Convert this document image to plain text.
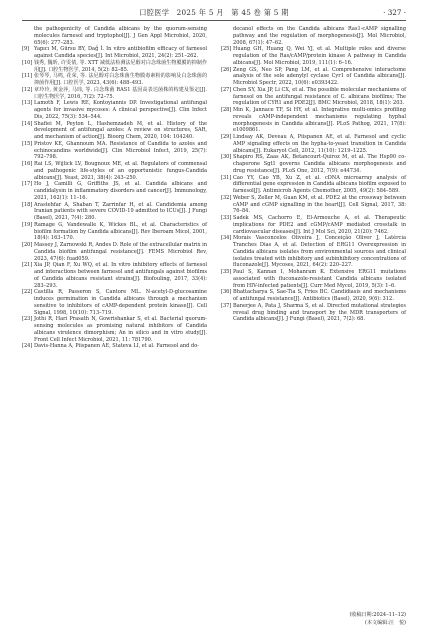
口腔医学　2025 年 5 月　第 45 卷 第 5 期	· 327 ·
the pathogenicity of Candida albicans by the quorum-sensing molecules farnesol and tryptophol[J]. J Gen Appl Microbiol, 2020, 65(6): 277–283.
[9] Yapıcı M, Gürsu BY, Dağ İ. In vitro antibiofilm efficacy of farnesol against Candida species[J]. Int Microbiol, 2021, 24(2): 251–262.
[10] 钱秀, 魏昕, 许雯倩, 等. XTT 减低法检测法尼醇对白念珠菌生物膜膜的抑制作用[J]. 口腔生物医学, 2014, 5(2): 82–85.
[11] 张琴琴, 马鸣, 花荣, 等. 法尼醇对白念珠菌生物膜毒素粉的影响及白念珠菌的抑菌作用[J]. 口腔医学, 2023, 43(6): 488–493.
[12] 章玲玲, 黄金萍, 马玮, 等. 白念珠菌 RAS1 基因高表达菌株的构建及鉴定[J]. 口腔生物医学, 2016, 7(2): 72–75.
[13] Lamoth F, Lewis RE, Kontoyiannis DP. Investigational antifungal agents for invasive mycoses: A clinical perspective[J]. Clin Infect Dis, 2022, 75(3): 534–544.
[14] Shafiei M, Peyton L, Hashemzadeh M, et al. History of the development of antifungal azoles: A review on structures, SAR, and mechanism of action[J]. Bioorg Chem, 2020, 104: 104240.
[15] Pristov KE, Ghannoum MA. Resistance of Candida to azoles and echinocandins worldwide[J]. Clin Microbiol Infect, 2019, 25(7): 792–798.
[16] Rai LS, Wijlick LV, Bougnoux ME, et al. Regulators of commensal and pathogenic life-styles of an opportunistic fungus-Candida albicans[J]. Yeast, 2021, 38(4): 243–250.
[17] Ho J, Camilli G, Griffiths JS, et al. Candida albicans and candidalysin in inflammatory disorders and cancer[J]. Immunology, 2021, 162(1): 11–16.
[18] Arastehfar A, Shaban T, Zarrinfar H, et al. Candidemia among Iranian patients with severe COVID-19 admitted to ICUs[J]. J Fungi (Basel), 2021, 7(4): 280.
[19] Ramage G, Vandewalle K, Wickes BL, et al. Characteristics of biofilm formation by Candida albicans[J]. Rev Iberoam Micol, 2001, 18(4): 163–170.
[20] Massey J, Zarnowski R, Andes D. Role of the extracellular matrix in Candida biofilm antifungal resistance[J]. FEMS Microbiol Rev, 2023, 47(6): fuad059.
[21] Xia JP, Qian F, Xu WQ, et al. In vitro inhibitory effects of farnesol and interactions between farnesol and antifungals against biofilms of Candida albicans resistant strains[J]. Biofouling, 2017, 33(4): 283–293.
[22] Castilla R, Passeron S, Cantore ML. N-acetyl-D-glucosamine induces germination in Candida albicans through a mechanism sensitive to inhibitors of cAMP-dependent protein kinase[J]. Cell Signal, 1998, 10(10): 713–719.
[23] Jothi R, Hari Prasath N, Gowrishankar S, et al. Bacterial quorum-sensing molecules as promising natural inhibitors of Candida albicans virulence dimorphism; An in silico and in vitro study[J]. Front Cell Infect Microbiol, 2021, 11: 781790.
[24] Davis-Hanna A, Piispanen AE, Stateva LI, et al. Farnesol and do-
decanol effects on the Candida albicans Ras1-cAMP signalling pathway and the regulation of morphogenesis[J]. Mol Microbiol, 2008, 67(1): 47–62.
[25] Huang GH, Huang Q, Wei YJ, et al. Multiple roles and diverse regulation of the Ras/cAMP/protein kinase A pathway in Candida albicans[J]. Mol Microbiol, 2019, 111(1): 6–16.
[26] Zeng GS, Neo SP, Pang LM, et al. Comprehensive interactome analysis of the sole adenylyl cyclase Cyr1 of Candida albicans[J]. Microbiol Spectr, 2022, 10(6): e0393422.
[27] Chen SY, Xia JP, Li CX, et al. The possible molecular mechanisms of farnesol on the antifungal resistance of C. albicans biofilms; The regulation of CYR1 and PDE2[J]. BMC Microbiol, 2018, 18(1): 203.
[28] Min K, Jannace TF, Si HY, et al. Integrative multi-omics profiling reveals cAMP-independent mechanisms regulating hyphal morphogenesis in Candida albicans[J]. PLoS Pathog, 2021, 17(8): e1009861.
[29] Lindsay AK, Deveau A, Piispanen AE, et al. Farnesol and cyclic AMP signaling effects on the hypha-to-yeast transition in Candida albicans[J]. Eukaryot Cell, 2012, 11(10): 1219–1225.
[30] Shapiro RS, Zaas AK, Betancourt-Quiroz M, et al. The Hsp90 co-chaperone Sgt1 governs Candida albicans morphogenesis and drug resistance[J]. PLoS One, 2012, 7(9): e44734.
[31] Cao YY, Cao YB, Xu Z, et al. cDNA microarray analysis of differential gene expression in Candida albicans biofilm exposed to farnesol[J]. Antimicrob Agents Chemother, 2005, 49(2): 584–589.
[32] Weber S, Zeller M, Guan KM, et al. PDE2 at the crossway between cAMP and cGMP signalling in the heart[J]. Cell Signal, 2017, 38: 76–84.
[33] Sadek MS, Cachorro E, El-Armouche A, et al. Therapeutic implications for PDE2 and cGMP/cAMP mediated crosstalk in cardiovascular diseases[J]. Int J Mol Sci, 2020, 21(20): 7462.
[34] Morais Vasconcelos Oliveira J, Conceição Oliver J, Latércia Tranches Dias A, et al. Detection of ERG11 Overexpression in Candida albicans isolates from environmental sources and clinical isolates treated with inhibitory and subinhibitory concentrations of fluconazole[J]. Mycoses, 2021, 64(2): 220–227.
[35] Paul S, Kannan I, Mohanram K. Extensive ERG11 mutations associated with fluconazole-resistant Candida albicans isolated from HIV-infected patients[J]. Curr Med Mycol, 2019, 5(3): 1–6.
[36] Bhattacharya S, Sae-Tia S, Fries BC. Candidiasis and mechanisms of antifungal resistance[J]. Antibiotics (Basel), 2020, 9(6): 312.
[37] Banerjee A, Pata J, Sharma S, et al. Directed mutational strategies reveal drug binding and transport by the MDR transporters of Candida albicans[J]. J Fungi (Basel), 2021, 7(2): 68.
(收稿日期:2024–11–12)
(本文编辑:汪　悦)
